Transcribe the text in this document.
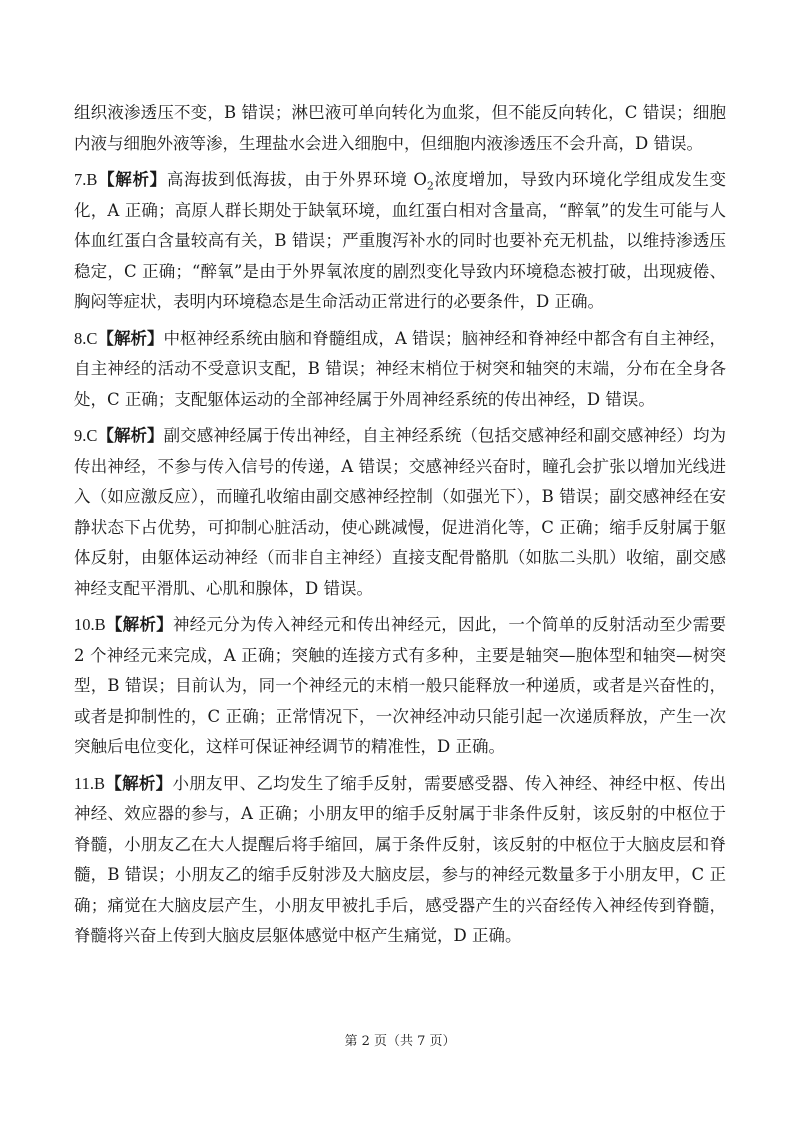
组织液渗透压不变，B 错误；淋巴液可单向转化为血浆，但不能反向转化，C 错误；细胞内液与细胞外液等渗，生理盐水会进入细胞中，但细胞内液渗透压不会升高，D 错误。

7.B【解析】高海拔到低海拔，由于外界环境 $O_2$浓度增加，导致内环境化学组成发生变化，A 正确；高原人群长期处于缺氧环境，血红蛋白相对含量高，“醉氧”的发生可能与人体血红蛋白含量较高有关，B 错误；严重腹泻补水的同时也要补充无机盐，以维持渗透压稳定，C 正确；“醉氧”是由于外界氧浓度的剧烈变化导致内环境稳态被打破，出现疲倦、胸闷等症状，表明内环境稳态是生命活动正常进行的必要条件，D 正确。

8.C【解析】中枢神经系统由脑和脊髓组成，A 错误；脑神经和脊神经中都含有自主神经，自主神经的活动不受意识支配，B 错误；神经末梢位于树突和轴突的末端，分布在全身各处，C 正确；支配躯体运动的全部神经属于外周神经系统的传出神经，D 错误。

9.C【解析】副交感神经属于传出神经，自主神经系统（包括交感神经和副交感神经）均为传出神经，不参与传入信号的传递，A 错误；交感神经兴奋时，瞳孔会扩张以增加光线进入（如应激反应），而瞳孔收缩由副交感神经控制（如强光下），B 错误；副交感神经在安静状态下占优势，可抑制心脏活动，使心跳减慢，促进消化等，C 正确；缩手反射属于躯体反射，由躯体运动神经（而非自主神经）直接支配骨骼肌（如肱二头肌）收缩，副交感神经支配平滑肌、心肌和腺体，D 错误。

10.B【解析】神经元分为传入神经元和传出神经元，因此，一个简单的反射活动至少需要 2 个神经元来完成，A 正确；突触的连接方式有多种，主要是轴突—胞体型和轴突—树突型，B 错误；目前认为，同一个神经元的末梢一般只能释放一种递质，或者是兴奋性的，或者是抑制性的，C 正确；正常情况下，一次神经冲动只能引起一次递质释放，产生一次突触后电位变化，这样可保证神经调节的精准性，D 正确。

11.B【解析】小朋友甲、乙均发生了缩手反射，需要感受器、传入神经、神经中枢、传出神经、效应器的参与，A 正确；小朋友甲的缩手反射属于非条件反射，该反射的中枢位于脊髓，小朋友乙在大人提醒后将手缩回，属于条件反射，该反射的中枢位于大脑皮层和脊髓，B 错误；小朋友乙的缩手反射涉及大脑皮层，参与的神经元数量多于小朋友甲，C 正确；痛觉在大脑皮层产生，小朋友甲被扎手后，感受器产生的兴奋经传入神经传到脊髓，脊髓将兴奋上传到大脑皮层躯体感觉中枢产生痛觉，D 正确。

第 2 页（共 7 页）
